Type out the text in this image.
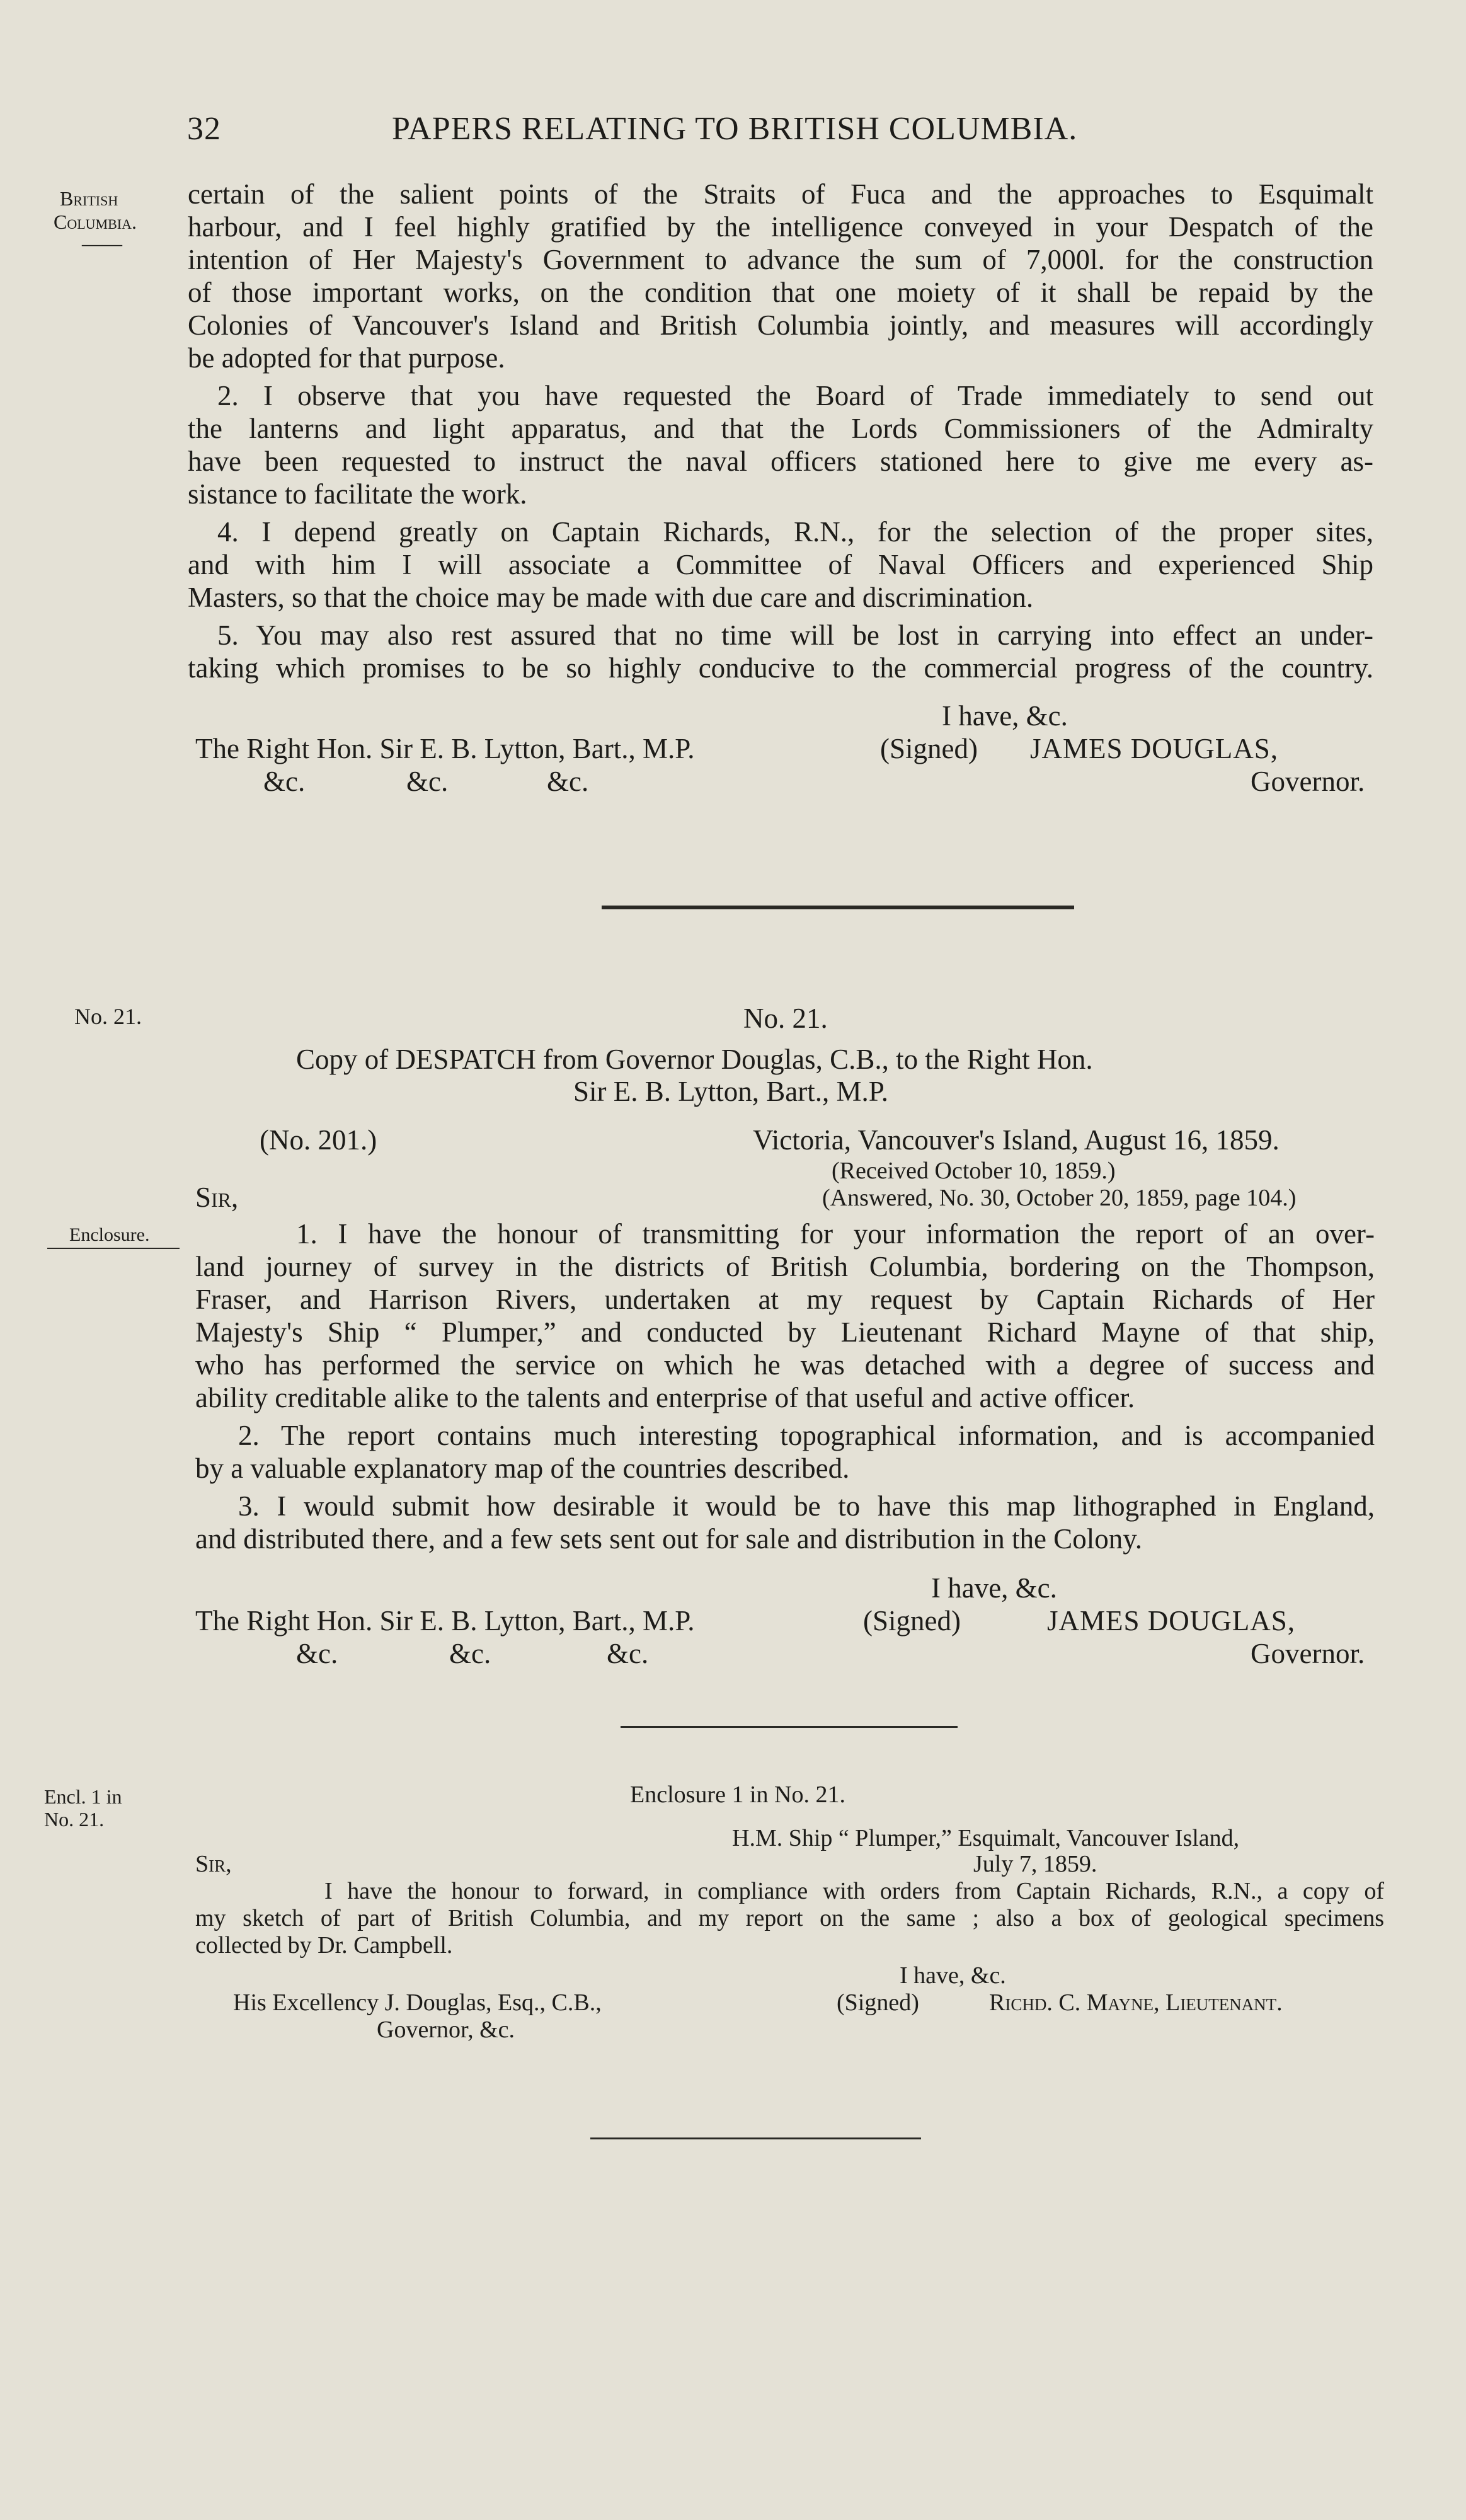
32	PAPERS RELATING TO BRITISH COLUMBIA.
British
Columbia.
——
certain of the salient points of the Straits of Fuca and the approaches to Esquimalt
harbour, and I feel highly gratified by the intelligence conveyed in your Despatch of the
intention of Her Majesty's Government to advance the sum of 7,000l. for the construction
of those important works, on the condition that one moiety of it shall be repaid by the
Colonies of Vancouver's Island and British Columbia jointly, and measures will accordingly
be adopted for that purpose.
2. I observe that you have requested the Board of Trade immediately to send out
the lanterns and light apparatus, and that the Lords Commissioners of the Admiralty
have been requested to instruct the naval officers stationed here to give me every as-
sistance to facilitate the work.
4. I depend greatly on Captain Richards, R.N., for the selection of the proper sites,
and with him I will associate a Committee of Naval Officers and experienced Ship
Masters, so that the choice may be made with due care and discrimination.
5. You may also rest assured that no time will be lost in carrying into effect an under-
taking which promises to be so highly conducive to the commercial progress of the country.
I have, &c.
The Right Hon. Sir E. B. Lytton, Bart., M.P.	(Signed) JAMES DOUGLAS,
&c.	&c.	&c.	Governor.
No. 21.	No. 21.
Copy of DESPATCH from Governor Douglas, C.B., to the Right Hon.
Sir E. B. Lytton, Bart., M.P.
(No. 201.)	Victoria, Vancouver's Island, August 16, 1859.
(Received October 10, 1859.)
Sir,	(Answered, No. 30, October 20, 1859, page 104.)
Enclosure.	1. I have the honour of transmitting for your information the report of an over-
land journey of survey in the districts of British Columbia, bordering on the Thompson,
Fraser, and Harrison Rivers, undertaken at my request by Captain Richards of Her
Majesty's Ship “ Plumper,” and conducted by Lieutenant Richard Mayne of that ship,
who has performed the service on which he was detached with a degree of success and
ability creditable alike to the talents and enterprise of that useful and active officer.
2. The report contains much interesting topographical information, and is accompanied
by a valuable explanatory map of the countries described.
3. I would submit how desirable it would be to have this map lithographed in England,
and distributed there, and a few sets sent out for sale and distribution in the Colony.
I have, &c.
The Right Hon. Sir E. B. Lytton, Bart., M.P.	(Signed)	JAMES DOUGLAS,
&c.	&c.	&c.	Governor.
Encl. 1 in
No. 21.
Enclosure 1 in No. 21.
H.M. Ship “ Plumper,” Esquimalt, Vancouver Island,
Sir,	July 7, 1859.
I have the honour to forward, in compliance with orders from Captain Richards, R.N., a copy of
my sketch of part of British Columbia, and my report on the same ; also a box of geological specimens
collected by Dr. Campbell.
I have, &c.
His Excellency J. Douglas, Esq., C.B.,	(Signed)	Richd. C. Mayne, Lieutenant.
Governor, &c.
